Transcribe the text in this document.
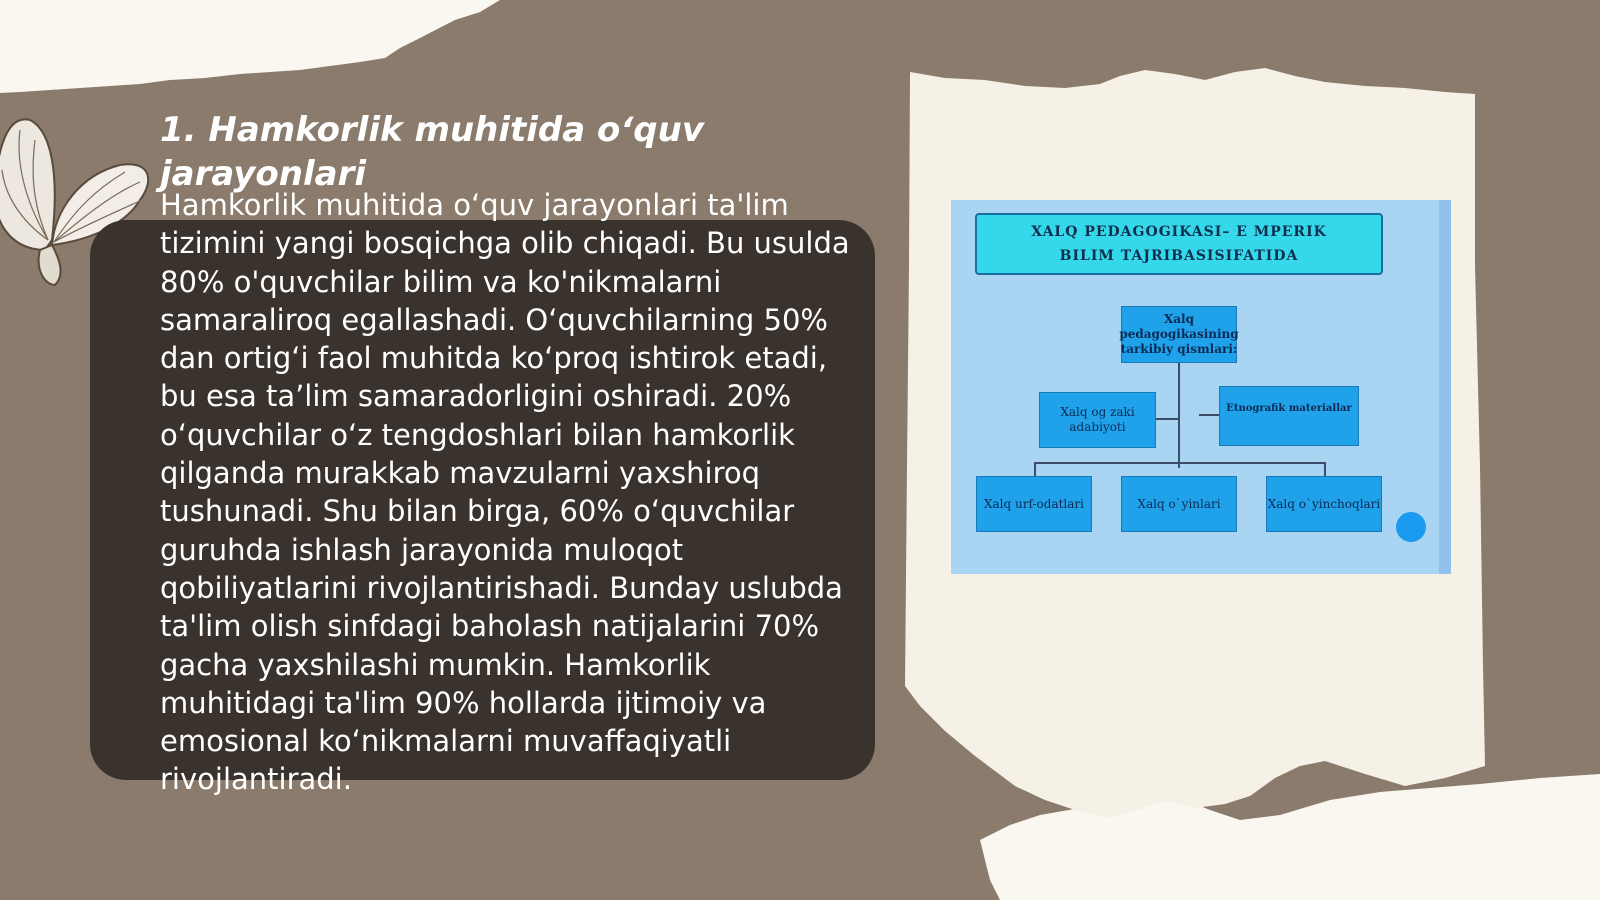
1. Hamkorlik muhitida o‘quv jarayonlari

Hamkorlik muhitida o‘quv jarayonlari ta'lim tizimini yangi bosqichga olib chiqadi. Bu usulda 80% o'quvchilar bilim va ko'nikmalarni samaraliroq egallashadi. O‘quvchilarning 50% dan ortig‘i faol muhitda ko‘proq ishtirok etadi, bu esa ta’lim samaradorligini oshiradi. 20% o‘quvchilar o‘z tengdoshlari bilan hamkorlik qilganda murakkab mavzularni yaxshiroq tushunadi. Shu bilan birga, 60% o‘quvchilar guruhda ishlash jarayonida muloqot qobiliyatlarini rivojlantirishadi. Bunday uslubda ta'lim olish sinfdagi baholash natijalarini 70% gacha yaxshilashi mumkin. Hamkorlik muhitidagi ta'lim 90% hollarda ijtimoiy va emosional ko‘nikmalarni muvaffaqiyatli rivojlantiradi.

XALQ PEDAGOGIKASI– E MPERIK BILIM TAJRIBASISIFATIDA
Xalq pedagogikasining tarkibiy qismlari:
Xalq og zaki adabiyoti
Etnografik materiallar
Xalq urf-odatlari	Xalq o`yinlari	Xalq o`yinchoqlari
